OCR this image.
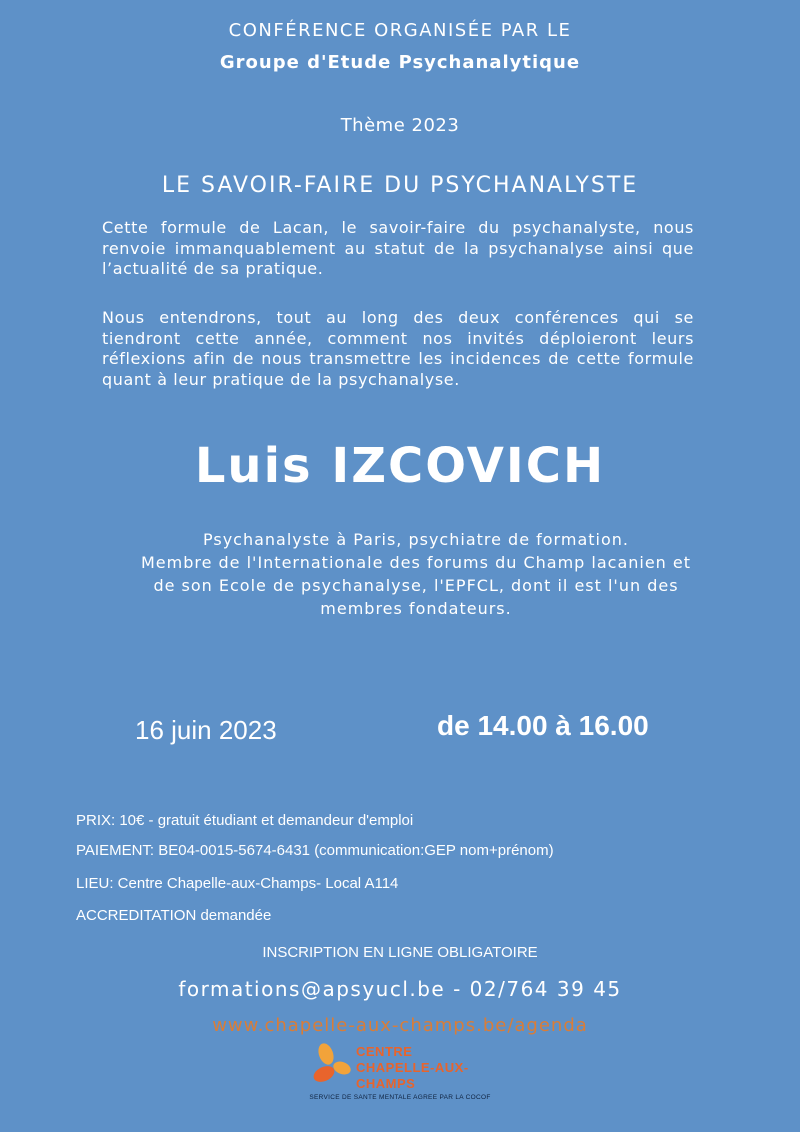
CONFÉRENCE ORGANISÉE PAR LE
Groupe d'Etude Psychanalytique
Thème 2023
LE SAVOIR-FAIRE DU PSYCHANALYSTE
Cette formule de Lacan, le savoir-faire du psychanalyste, nous renvoie immanquablement au statut de la psychanalyse ainsi que l’actualité de sa pratique.
Nous entendrons, tout au long des deux conférences qui se tiendront cette année, comment nos invités déploieront leurs réflexions afin de nous transmettre les incidences de cette formule quant à leur pratique de la psychanalyse.
Luis IZCOVICH
Psychanalyste à Paris, psychiatre de formation.
Membre de l'Internationale des forums du Champ lacanien et
de son Ecole de psychanalyse, l'EPFCL, dont il est l'un des
membres fondateurs.
16 juin 2023	de 14.00 à 16.00
PRIX: 10€ - gratuit étudiant et demandeur d'emploi
PAIEMENT: BE04-0015-5674-6431 (communication:GEP nom+prénom)
LIEU: Centre Chapelle-aux-Champs- Local A114
ACCREDITATION demandée
INSCRIPTION EN LIGNE OBLIGATOIRE
formations@apsyucl.be - 02/764 39 45
www.chapelle-aux-champs.be/agenda
CENTRE
CHAPELLE-AUX-CHAMPS
SERVICE DE SANTE MENTALE AGREE PAR LA COCOF
